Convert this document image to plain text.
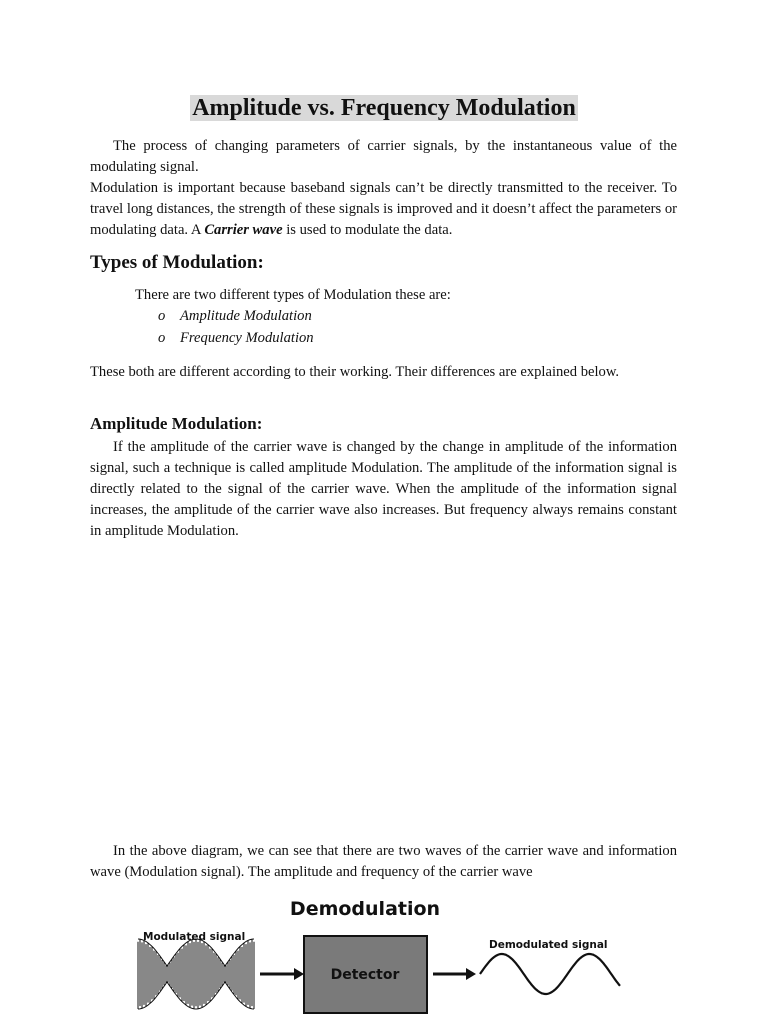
Amplitude vs. Frequency Modulation

The process of changing parameters of carrier signals, by the instantaneous value of the modulating signal.

Modulation is important because baseband signals can’t be directly transmitted to the receiver. To travel long distances, the strength of these signals is improved and it doesn’t affect the parameters or modulating data. A Carrier wave is used to modulate the data.

Types of Modulation:

There are two different types of Modulation these are:

o Amplitude Modulation
o Frequency Modulation

These both are different according to their working. Their differences are explained below.

Amplitude Modulation:

If the amplitude of the carrier wave is changed by the change in amplitude of the information signal, such a technique is called amplitude Modulation. The amplitude of the information signal is directly related to the signal of the carrier wave. When the amplitude of the information signal increases, the amplitude of the carrier wave also increases. But frequency always remains constant in amplitude Modulation.

In the above diagram, we can see that there are two waves of the carrier wave and information wave (Modulation signal). The amplitude and frequency of the carrier wave

Demodulation
Modulated signal
Detector
Demodulated signal
